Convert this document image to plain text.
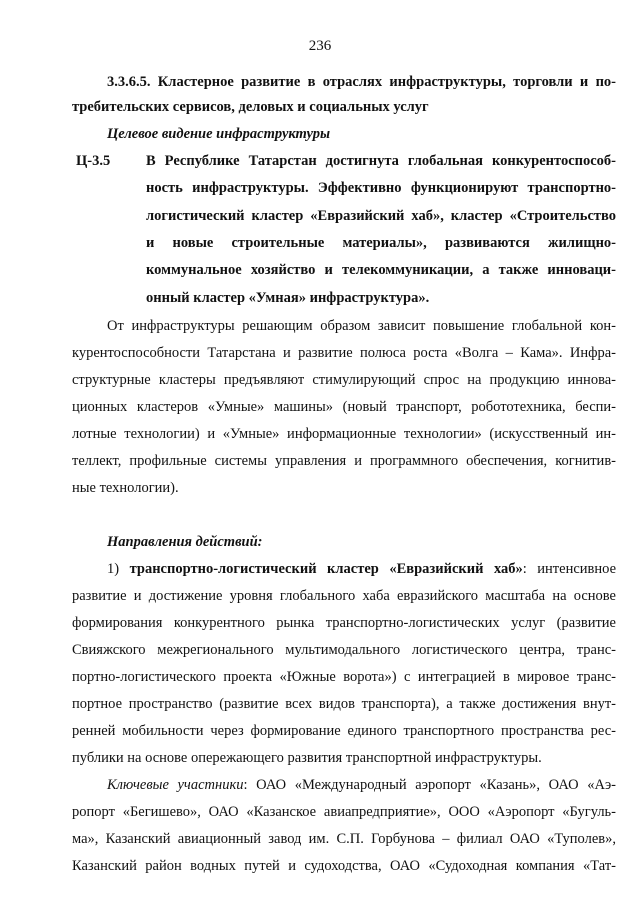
236
3.3.6.5. Кластерное развитие в отраслях инфраструктуры, торговли и по-
требительских сервисов, деловых и социальных услуг
Целевое видение инфраструктуры
Ц-3.5 В Республике Татарстан достигнута глобальная конкурентоспособ-
ность инфраструктуры. Эффективно функционируют транспортно-
логистический кластер «Евразийский хаб», кластер «Строительство
и новые строительные материалы», развиваются жилищно-
коммунальное хозяйство и телекоммуникации, а также инноваци-
онный кластер «Умная» инфраструктура».
От инфраструктуры решающим образом зависит повышение глобальной кон-
курентоспособности Татарстана и развитие полюса роста «Волга – Кама». Инфра-
структурные кластеры предъявляют стимулирующий спрос на продукцию иннова-
ционных кластеров «Умные» машины» (новый транспорт, робототехника, беспи-
лотные технологии) и «Умные» информационные технологии» (искусственный ин-
теллект, профильные системы управления и программного обеспечения, когнитив-
ные технологии).
Направления действий:
1) транспортно-логистический кластер «Евразийский хаб»: интенсивное
развитие и достижение уровня глобального хаба евразийского масштаба на основе
формирования конкурентного рынка транспортно-логистических услуг (развитие
Свияжского межрегионального мультимодального логистического центра, транс-
портно-логистического проекта «Южные ворота») с интеграцией в мировое транс-
портное пространство (развитие всех видов транспорта), а также достижения внут-
ренней мобильности через формирование единого транспортного пространства рес-
публики на основе опережающего развития транспортной инфраструктуры.
Ключевые участники: ОАО «Международный аэропорт «Казань», ОАО «Аэ-
ропорт «Бегишево», ОАО «Казанское авиапредприятие», ООО «Аэропорт «Бугуль-
ма», Казанский авиационный завод им. С.П. Горбунова – филиал ОАО «Туполев»,
Казанский район водных путей и судоходства, ОАО «Судоходная компания «Тат-
